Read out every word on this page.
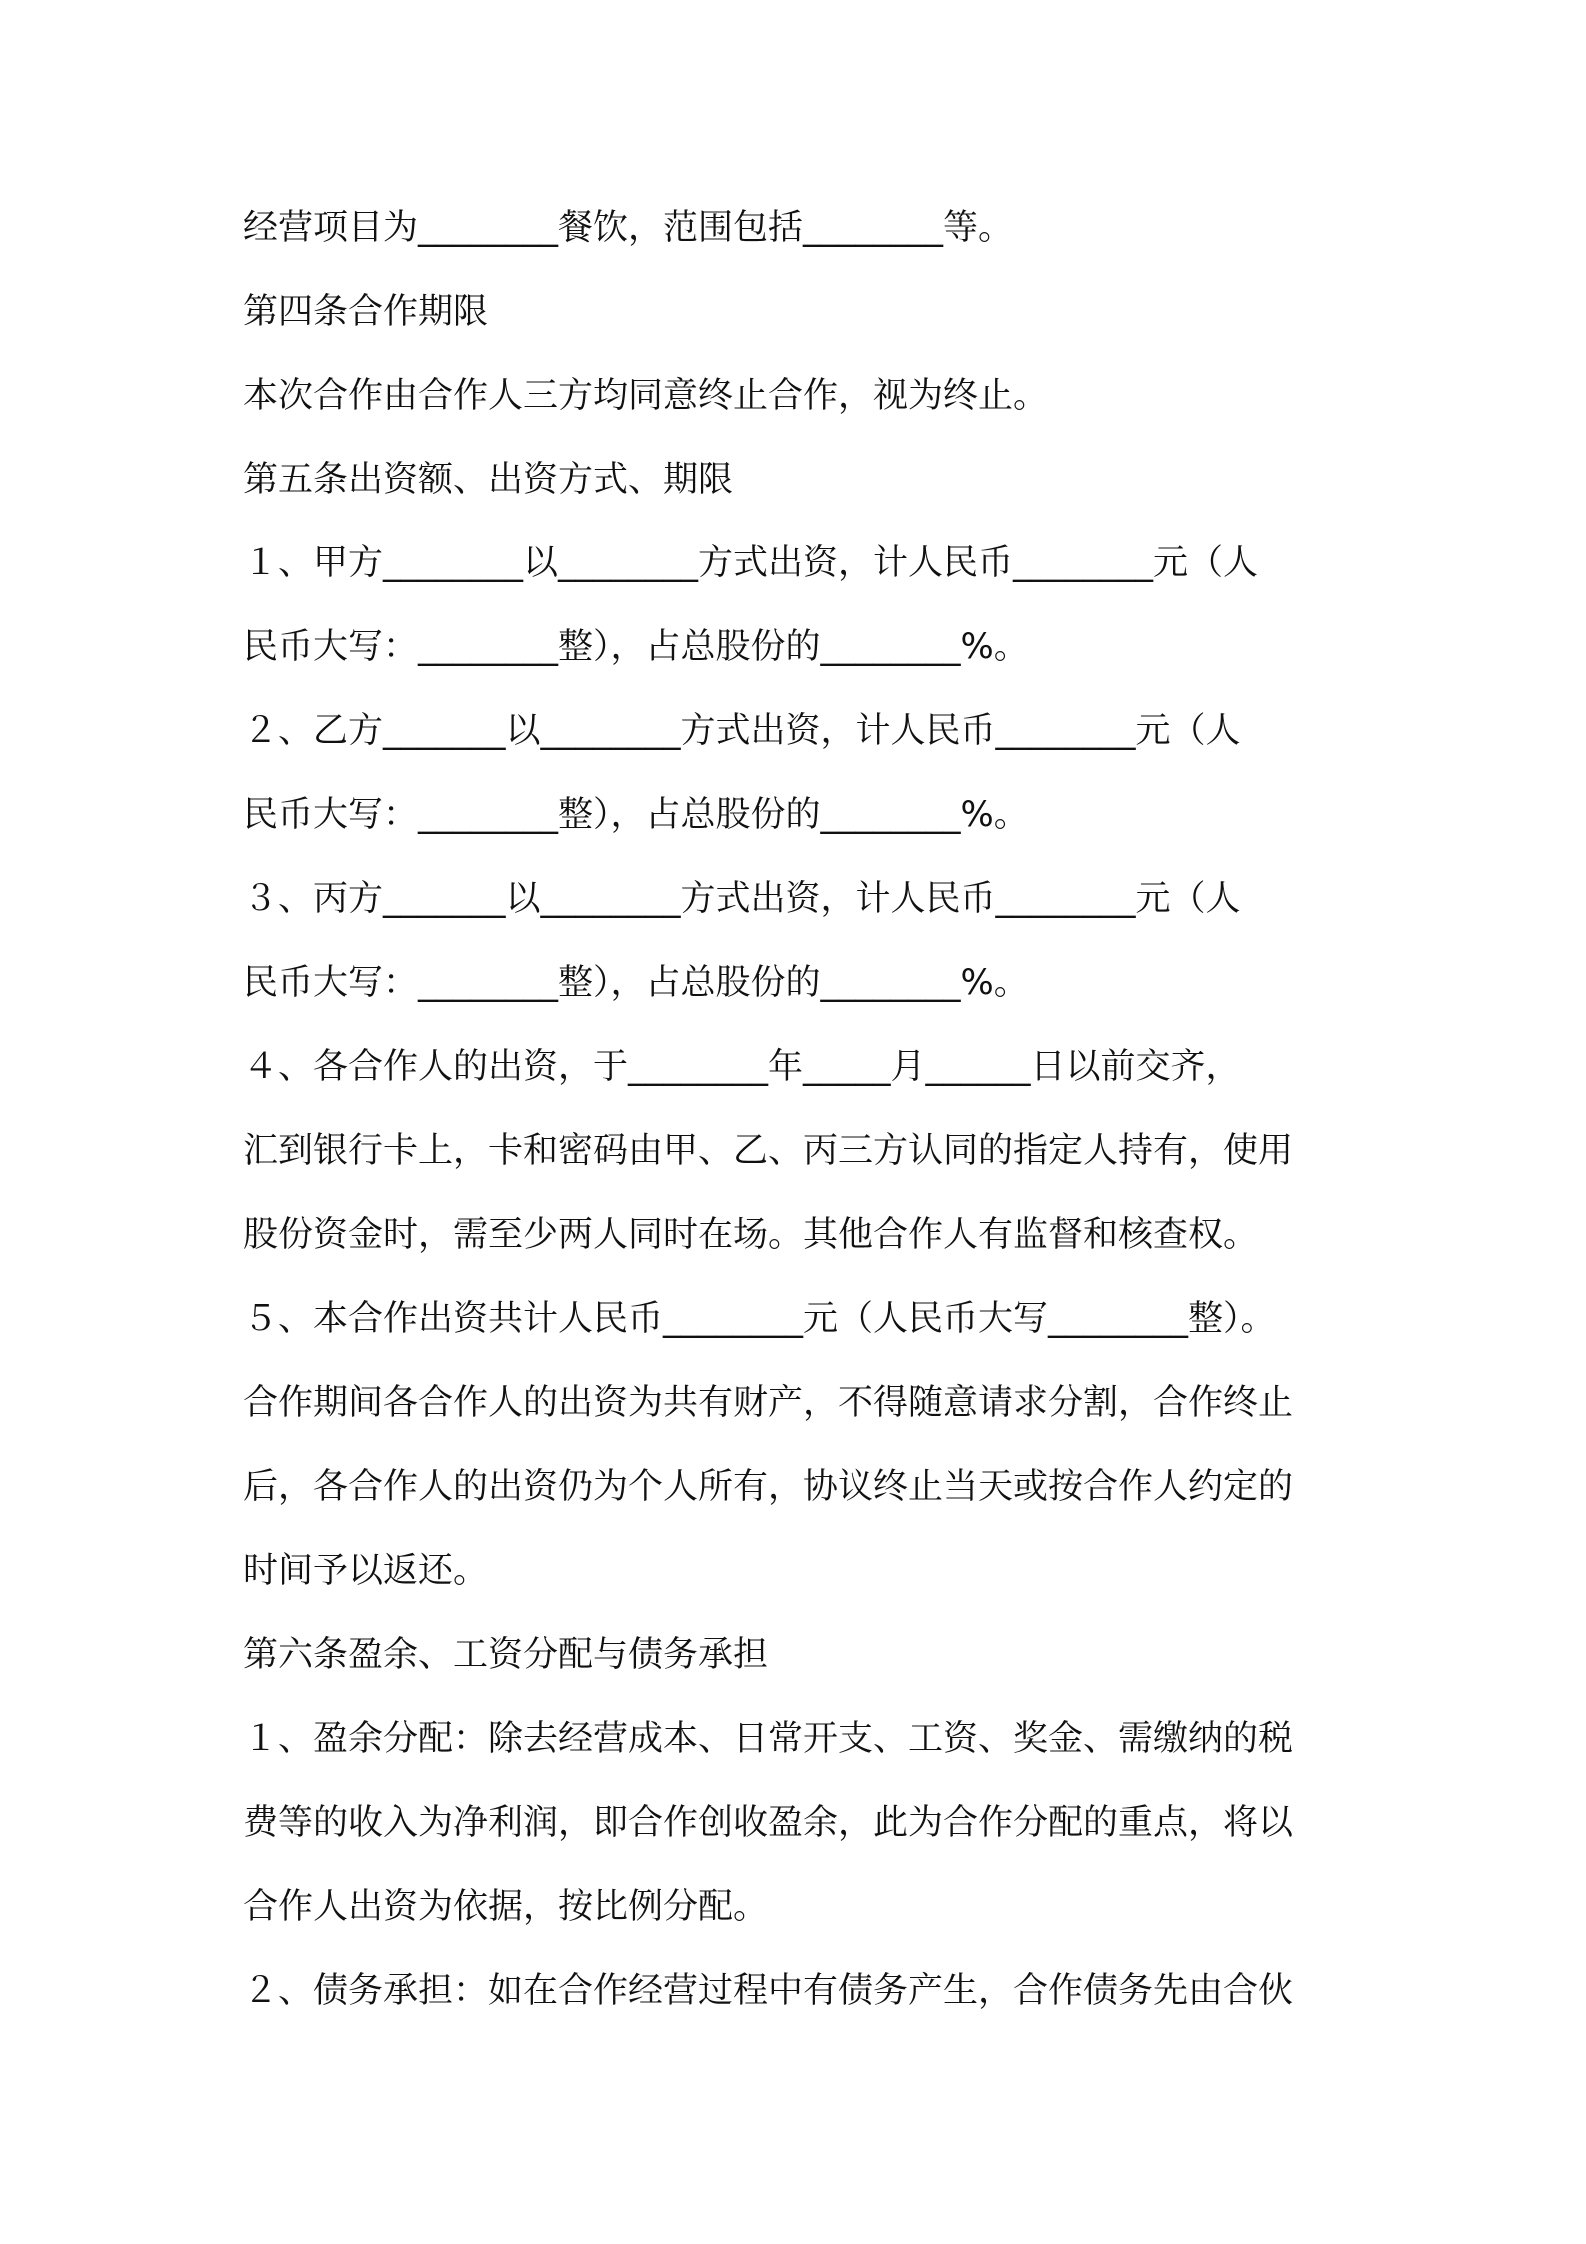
经营项目为________餐饮，范围包括________等。

第四条合作期限

本次合作由合作人三方均同意终止合作，视为终止。

第五条出资额、出资方式、期限

１、甲方________以________方式出资，计人民币________元（人

民币大写：________整），占总股份的________%。

２、乙方_______以________方式出资，计人民币________元（人

民币大写：________整），占总股份的________%。

３、丙方_______以________方式出资，计人民币________元（人

民币大写：________整），占总股份的________%。

４、各合作人的出资，于________年_____月______日以前交齐，

汇到银行卡上，卡和密码由甲、乙、丙三方认同的指定人持有，使用

股份资金时，需至少两人同时在场。其他合作人有监督和核查权。

５、本合作出资共计人民币________元（人民币大写________整）。

合作期间各合作人的出资为共有财产，不得随意请求分割，合作终止

后，各合作人的出资仍为个人所有，协议终止当天或按合作人约定的

时间予以返还。

第六条盈余、工资分配与债务承担

１、盈余分配：除去经营成本、日常开支、工资、奖金、需缴纳的税

费等的收入为净利润，即合作创收盈余，此为合作分配的重点，将以

合作人出资为依据，按比例分配。

２、债务承担：如在合作经营过程中有债务产生，合作债务先由合伙
